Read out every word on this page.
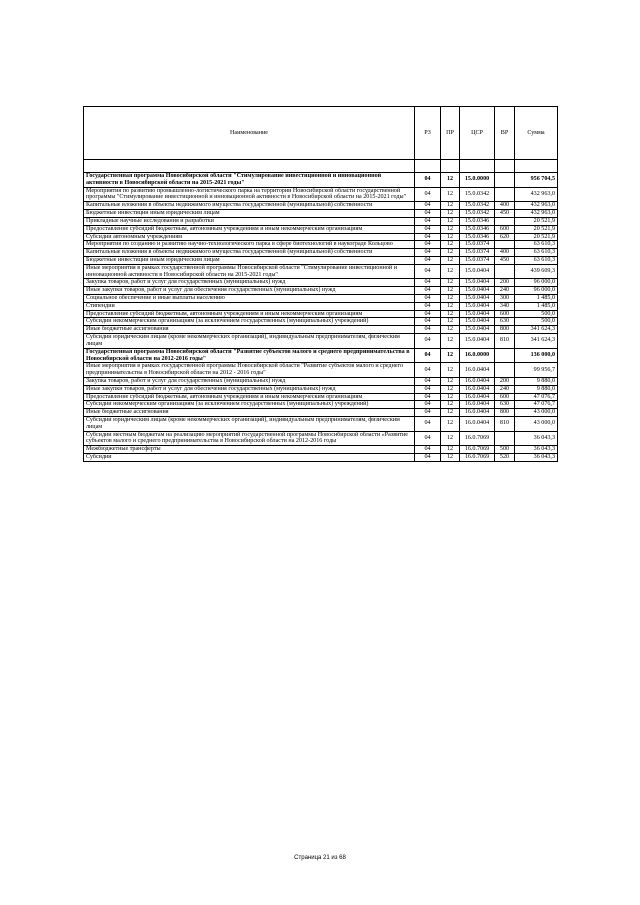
Наименование	РЗ	ПР	ЦСР	ВР	Сумма

Государственная программа Новосибирской области "Стимулирование инвестиционной и инновационной активности в Новосибирской области на 2015-2021 годы"	04	12	15.0.0000		956 704,5
Мероприятия по развитию промышленно-логистического парка на территории Новосибирской области государственной программы "Стимулирование инвестиционной и инновационной активности в Новосибирской области на 2015-2021 годы"	04	12	15.0.0342		432 963,0
Капитальные вложения в объекты недвижимого имущества государственной (муниципальной) собственности	04	12	15.0.0342	400	432 963,0
Бюджетные инвестиции иным юридическим лицам	04	12	15.0.0342	450	432 963,0
Прикладные научные исследования и разработки	04	12	15.0.0346		20 521,9
Предоставление субсидий бюджетным, автономным учреждениям и иным некоммерческим организациям	04	12	15.0.0346	600	20 521,9
Субсидии автономным учреждениям	04	12	15.0.0346	620	20 521,9
Мероприятия по созданию и развитию научно-технологического парка в сфере биотехнологий в наукограде Кольцово	04	12	15.0.0374		63 610,3
Капитальные вложения в объекты недвижимого имущества государственной (муниципальной) собственности	04	12	15.0.0374	400	63 610,3
Бюджетные инвестиции иным юридическим лицам	04	12	15.0.0374	450	63 610,3
Иные мероприятия в рамках государственной программы Новосибирской области "Стимулирование инвестиционной и инновационной активности в Новосибирской области на 2015-2021 годы"	04	12	15.0.0404		439 609,3
Закупка товаров, работ и услуг для государственных (муниципальных) нужд	04	12	15.0.0404	200	96 000,0
Иные закупки товаров, работ и услуг для обеспечения государственных (муниципальных) нужд	04	12	15.0.0404	240	96 000,0
Социальное обеспечение и иные выплаты населению	04	12	15.0.0404	300	1 485,0
Стипендии	04	12	15.0.0404	340	1 485,0
Предоставление субсидий бюджетным, автономным учреждениям и иным некоммерческим организациям	04	12	15.0.0404	600	500,0
Субсидии некоммерческим организациям (за исключением государственных (муниципальных) учреждений)	04	12	15.0.0404	630	500,0
Иные бюджетные ассигнования	04	12	15.0.0404	800	341 624,3
Субсидии юридическим лицам (кроме некоммерческих организаций), индивидуальным предпринимателям, физическим лицам	04	12	15.0.0404	810	341 624,3
Государственная программа Новосибирской области "Развитие субъектов малого и среднего предпринимательства в Новосибирской области на 2012-2016 годы"	04	12	16.0.0000		136 000,0
Иные мероприятия в рамках государственной программы Новосибирской области "Развитие субъектов малого и среднего предпринимательства в Новосибирской области на 2012 - 2016 годы"	04	12	16.0.0404		99 956,7
Закупка товаров, работ и услуг для государственных (муниципальных) нужд	04	12	16.0.0404	200	9 880,0
Иные закупки товаров, работ и услуг для обеспечения государственных (муниципальных) нужд	04	12	16.0.0404	240	9 880,0
Предоставление субсидий бюджетным, автономным учреждениям и иным некоммерческим организациям	04	12	16.0.0404	600	47 076,7
Субсидии некоммерческим организациям (за исключением государственных (муниципальных) учреждений)	04	12	16.0.0404	630	47 076,7
Иные бюджетные ассигнования	04	12	16.0.0404	800	43 000,0
Субсидии юридическим лицам (кроме некоммерческих организаций), индивидуальным предпринимателям, физическим лицам	04	12	16.0.0404	810	43 000,0
Субсидии местным бюджетам на реализацию мероприятий государственной программы Новосибирской области «Развитие субъектов малого и среднего предпринимательства в Новосибирской области на 2012-2016 годы	04	12	16.0.7069		36 043,3
Межбюджетные трансферты	04	12	16.0.7069	500	36 043,3
Субсидии	04	12	16.0.7069	520	36 043,3
Страница 21 из 68
